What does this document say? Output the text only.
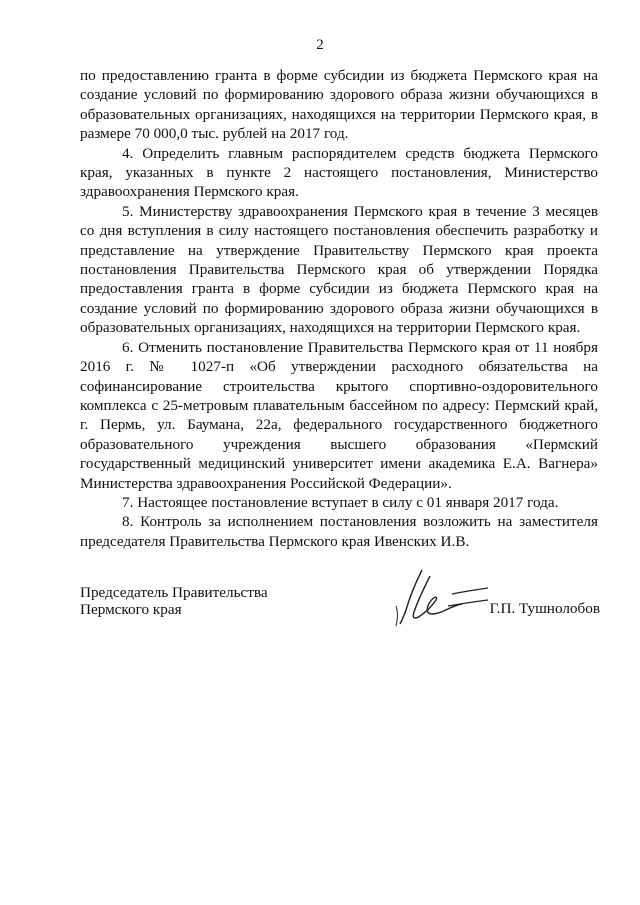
2

по предоставлению гранта в форме субсидии из бюджета Пермского края на создание условий по формированию здорового образа жизни обучающихся в образовательных организациях, находящихся на территории Пермского края, в размере 70 000,0 тыс. рублей на 2017 год.

4. Определить главным распорядителем средств бюджета Пермского края, указанных в пункте 2 настоящего постановления, Министерство здравоохранения Пермского края.

5. Министерству здравоохранения Пермского края в течение 3 месяцев со дня вступления в силу настоящего постановления обеспечить разработку и представление на утверждение Правительству Пермского края проекта постановления Правительства Пермского края об утверждении Порядка предоставления гранта в форме субсидии из бюджета Пермского края на создание условий по формированию здорового образа жизни обучающихся в образовательных организациях, находящихся на территории Пермского края.

6. Отменить постановление Правительства Пермского края от 11 ноября 2016 г. № 1027-п «Об утверждении расходного обязательства на софинансирование строительства крытого спортивно-оздоровительного комплекса с 25-метровым плавательным бассейном по адресу: Пермский край, г. Пермь, ул. Баумана, 22а, федерального государственного бюджетного образовательного учреждения высшего образования «Пермский государственный медицинский университет имени академика Е.А. Вагнера» Министерства здравоохранения Российской Федерации».

7. Настоящее постановление вступает в силу с 01 января 2017 года.

8. Контроль за исполнением постановления возложить на заместителя председателя Правительства Пермского края Ивенских И.В.

Председатель Правительства
Пермского края	Г.П. Тушнолобов
